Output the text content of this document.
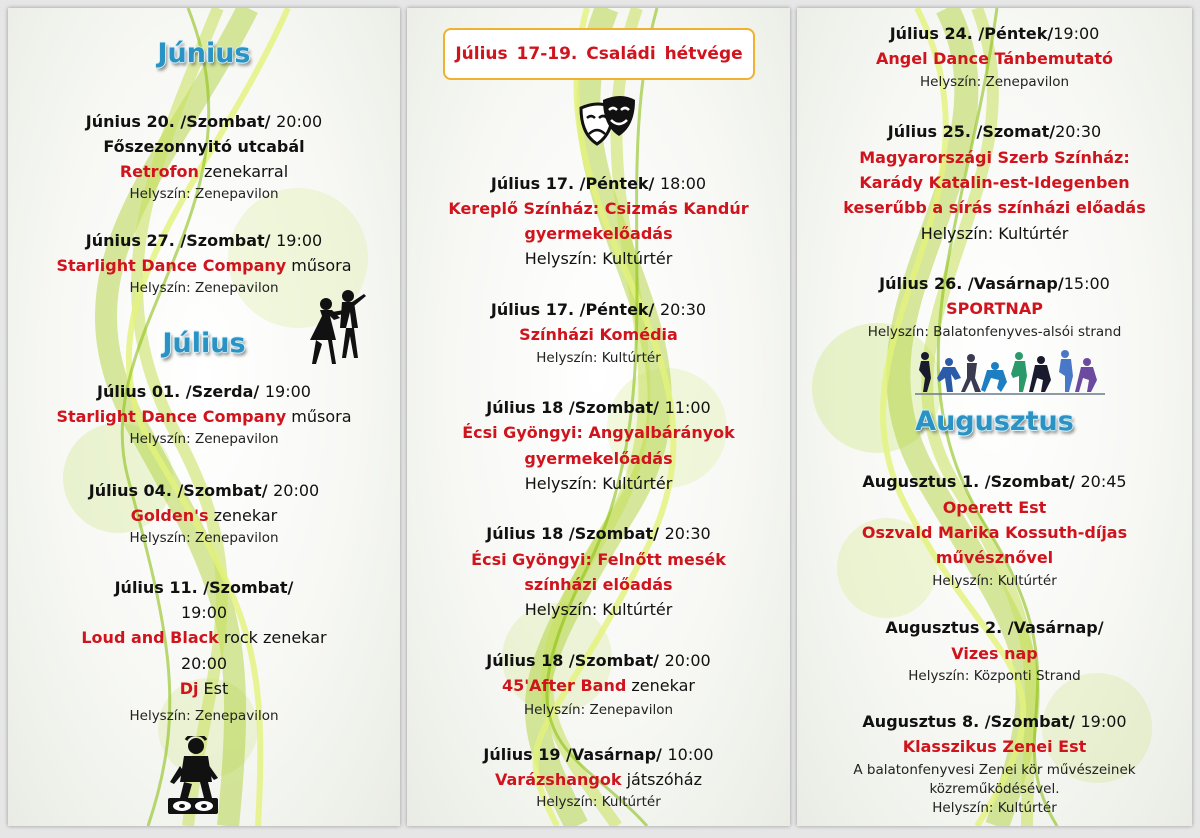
Június
Június 20. /Szombat/ 20:00
Főszezonnyitó utcabál
Retrofon zenekarral
Helyszín: Zenepavilon
Június 27. /Szombat/ 19:00
Starlight Dance Company műsora
Helyszín: Zenepavilon
Július
Július 01. /Szerda/ 19:00
Starlight Dance Company műsora
Helyszín: Zenepavilon
Július 04. /Szombat/ 20:00
Golden's zenekar
Helyszín: Zenepavilon
Július 11. /Szombat/
19:00
Loud and Black rock zenekar
20:00
Dj Est
Helyszín: Zenepavilon
Július 17-19. Családi hétvége
Július 17. /Péntek/ 18:00
Kereplő Színház: Csizmás Kandúr
gyermekelőadás
Helyszín: Kultúrtér
Július 17. /Péntek/ 20:30
Színházi Komédia
Helyszín: Kultúrtér
Július 18 /Szombat/ 11:00
Écsi Gyöngyi: Angyalbárányok
gyermekelőadás
Helyszín: Kultúrtér
Július 18 /Szombat/ 20:30
Écsi Gyöngyi: Felnőtt mesék
színházi előadás
Helyszín: Kultúrtér
Július 18 /Szombat/ 20:00
45'After Band zenekar
Helyszín: Zenepavilon
Július 19 /Vasárnap/ 10:00
Varázshangok játszóház
Helyszín: Kultúrtér
Július 24. /Péntek/19:00
Angel Dance Tánbemutató
Helyszín: Zenepavilon
Július 25. /Szomat/20:30
Magyarországi Szerb Színház:
Karády Katalin-est-Idegenben
keserűbb a sírás színházi előadás
Helyszín: Kultúrtér
Július 26. /Vasárnap/15:00
SPORTNAP
Helyszín: Balatonfenyves-alsói strand
Augusztus
Augusztus 1. /Szombat/ 20:45
Operett Est
Oszvald Marika Kossuth-díjas
művésznővel
Helyszín: Kultúrtér
Augusztus 2. /Vasárnap/
Vizes nap
Helyszín: Központi Strand
Augusztus 8. /Szombat/ 19:00
Klasszikus Zenei Est
A balatonfenyvesi Zenei kör művészeinek
közreműködésével.
Helyszín: Kultúrtér
